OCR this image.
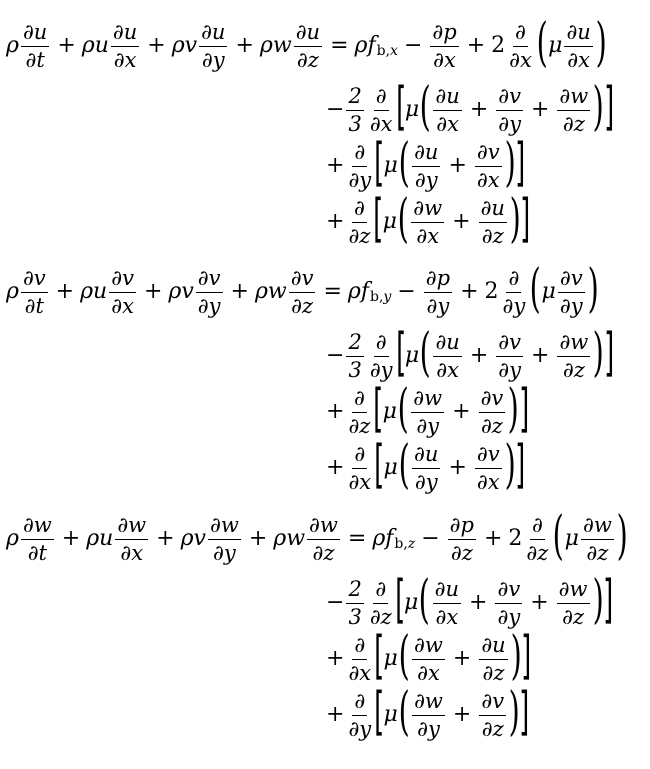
ρ $\frac{\partial u}{\partial t} + \rho$ u $\frac{\partial u}{\partial x} + \rho$ v $\frac{\partial u}{\partial y} + \rho$ w $\frac{\partial u}{\partial z} = \rho$ f $b,x - \frac{\partial p}{\partial x} + 2 \frac{\partial}{\partial x}$ ( μ $\frac{\partial u}{\partial x}$ )
− $\frac{2}{3} \frac{\partial}{\partial x}$ [ μ ( $\frac{\partial u}{\partial x} + \frac{\partial v}{\partial y} + \frac{\partial w}{\partial z}$ ) ]
+ $\frac{\partial}{\partial y}$ [ μ ( $\frac{\partial u}{\partial y} + \frac{\partial v}{\partial x}$ ) ]
+ $\frac{\partial}{\partial z}$ [ μ ( $\frac{\partial w}{\partial x} + \frac{\partial u}{\partial z}$ ) ]
ρ $\frac{\partial v}{\partial t} + \rho$ u $\frac{\partial v}{\partial x} + \rho$ v $\frac{\partial v}{\partial y} + \rho$ w $\frac{\partial v}{\partial z} = \rho$ f $b,y - \frac{\partial p}{\partial y} + 2 \frac{\partial}{\partial y}$ ( μ $\frac{\partial v}{\partial y}$ )
− $\frac{2}{3} \frac{\partial}{\partial y}$ [ μ ( $\frac{\partial u}{\partial x} + \frac{\partial v}{\partial y} + \frac{\partial w}{\partial z}$ ) ]
+ $\frac{\partial}{\partial z}$ [ μ ( $\frac{\partial w}{\partial y} + \frac{\partial v}{\partial z}$ ) ]
+ $\frac{\partial}{\partial x}$ [ μ ( $\frac{\partial u}{\partial y} + \frac{\partial v}{\partial x}$ ) ]
ρ $\frac{\partial w}{\partial t} + \rho$ u $\frac{\partial w}{\partial x} + \rho$ v $\frac{\partial w}{\partial y} + \rho$ w $\frac{\partial w}{\partial z} = \rho$ f $b,z - \frac{\partial p}{\partial z} + 2 \frac{\partial}{\partial z}$ ( μ $\frac{\partial w}{\partial z}$ )
− $\frac{2}{3} \frac{\partial}{\partial z}$ [ μ ( $\frac{\partial u}{\partial x} + \frac{\partial v}{\partial y} + \frac{\partial w}{\partial z}$ ) ]
+ $\frac{\partial}{\partial x}$ [ μ ( $\frac{\partial w}{\partial x} + \frac{\partial u}{\partial z}$ ) ]
+ $\frac{\partial}{\partial y}$ [ μ ( $\frac{\partial w}{\partial y} + \frac{\partial v}{\partial z}$ ) ]
